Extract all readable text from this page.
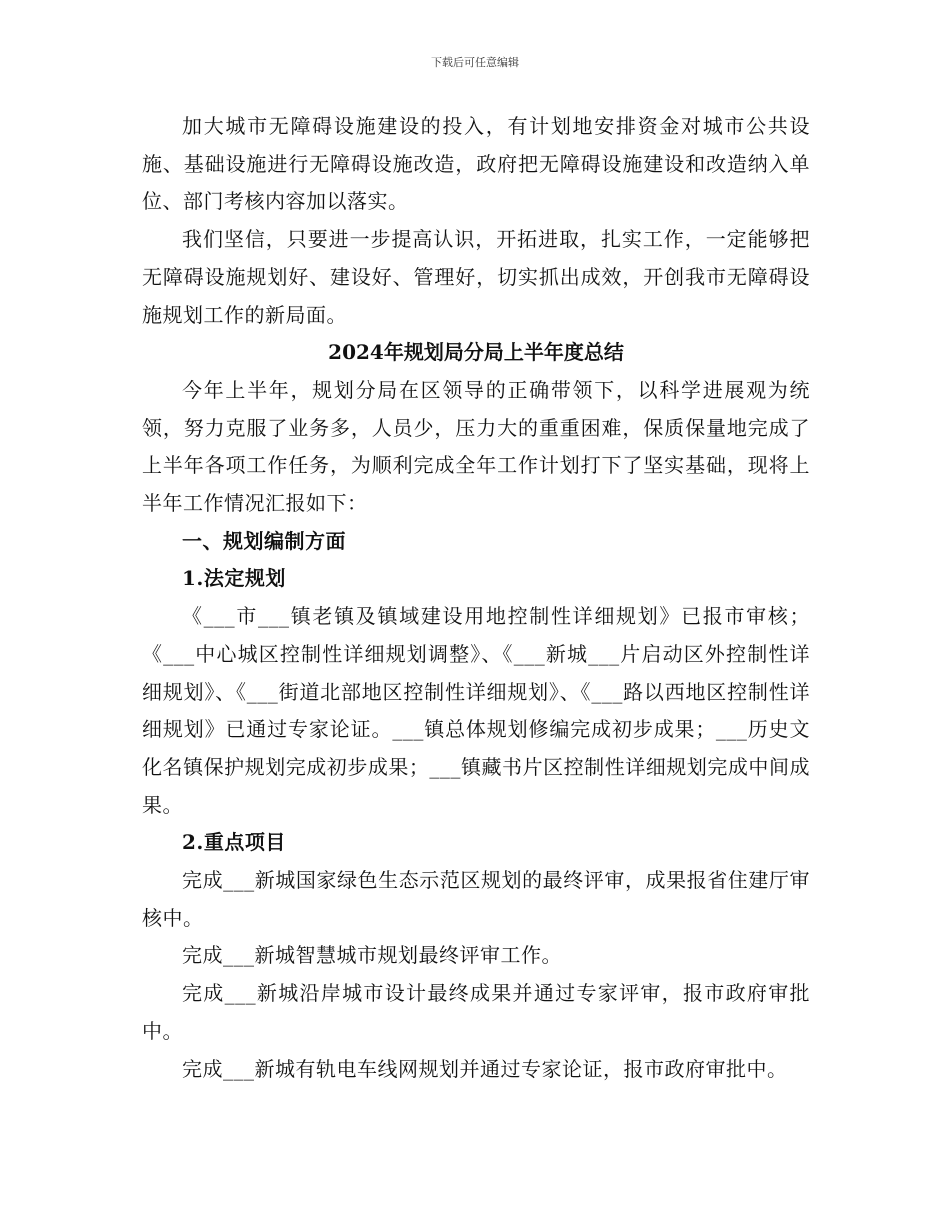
下载后可任意编辑

加大城市无障碍设施建设的投入，有计划地安排资金对城市公共设施、基础设施进行无障碍设施改造，政府把无障碍设施建设和改造纳入单位、部门考核内容加以落实。

我们坚信，只要进一步提高认识，开拓进取，扎实工作，一定能够把无障碍设施规划好、建设好、管理好，切实抓出成效，开创我市无障碍设施规划工作的新局面。

2024年规划局分局上半年度总结

今年上半年，规划分局在区领导的正确带领下，以科学进展观为统领，努力克服了业务多，人员少，压力大的重重困难，保质保量地完成了上半年各项工作任务，为顺利完成全年工作计划打下了坚实基础，现将上半年工作情况汇报如下：

一、规划编制方面

1.法定规划

《___市___镇老镇及镇域建设用地控制性详细规划》已报市审核；《___中心城区控制性详细规划调整》、《___新城___片启动区外控制性详细规划》、《___街道北部地区控制性详细规划》、《___路以西地区控制性详细规划》已通过专家论证。___镇总体规划修编完成初步成果；___历史文化名镇保护规划完成初步成果；___镇藏书片区控制性详细规划完成中间成果。

2.重点项目

完成___新城国家绿色生态示范区规划的最终评审，成果报省住建厅审核中。

完成___新城智慧城市规划最终评审工作。

完成___新城沿岸城市设计最终成果并通过专家评审，报市政府审批中。

完成___新城有轨电车线网规划并通过专家论证，报市政府审批中。
